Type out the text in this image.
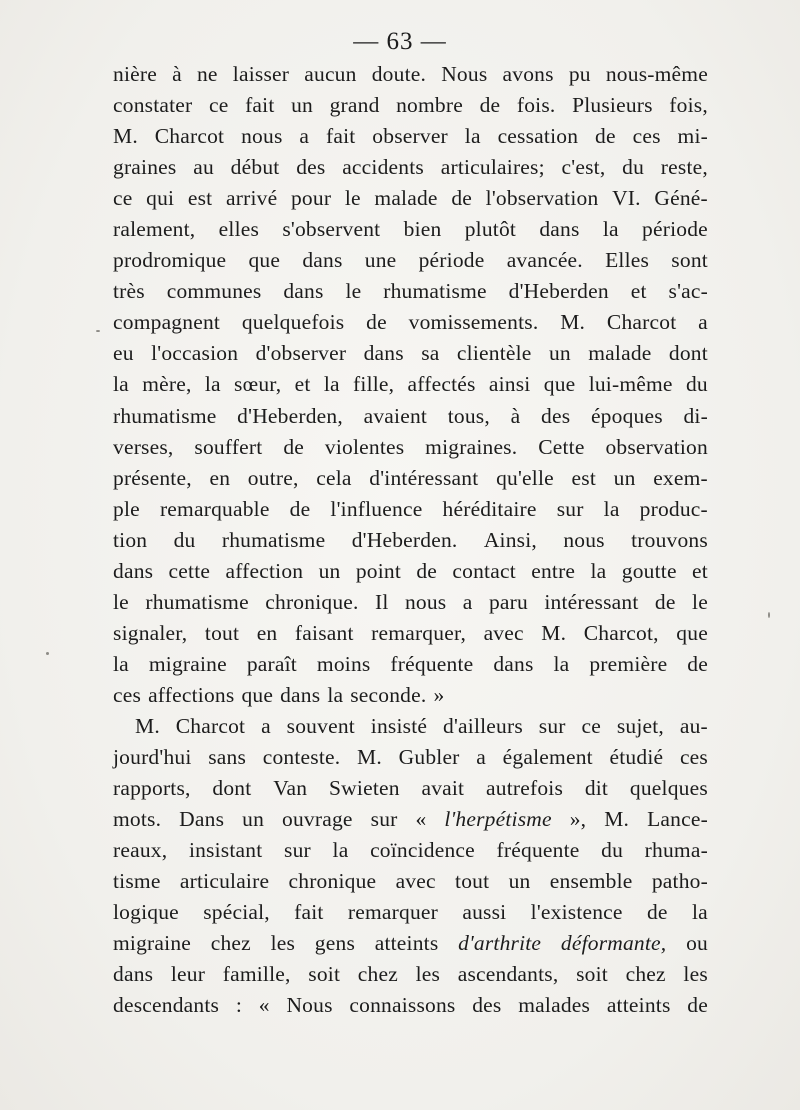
— 63 —
nière à ne laisser aucun doute. Nous avons pu nous-même
constater ce fait un grand nombre de fois. Plusieurs fois,
M. Charcot nous a fait observer la cessation de ces mi-
graines au début des accidents articulaires; c'est, du reste,
ce qui est arrivé pour le malade de l'observation VI. Géné-
ralement, elles s'observent bien plutôt dans la période
prodromique que dans une période avancée. Elles sont
très communes dans le rhumatisme d'Heberden et s'ac-
compagnent quelquefois de vomissements. M. Charcot a
eu l'occasion d'observer dans sa clientèle un malade dont
la mère, la sœur, et la fille, affectés ainsi que lui-même du
rhumatisme d'Heberden, avaient tous, à des époques di-
verses, souffert de violentes migraines. Cette observation
présente, en outre, cela d'intéressant qu'elle est un exem-
ple remarquable de l'influence héréditaire sur la produc-
tion du rhumatisme d'Heberden. Ainsi, nous trouvons
dans cette affection un point de contact entre la goutte et
le rhumatisme chronique. Il nous a paru intéressant de le
signaler, tout en faisant remarquer, avec M. Charcot, que
la migraine paraît moins fréquente dans la première de
ces affections que dans la seconde. »
M. Charcot a souvent insisté d'ailleurs sur ce sujet, au-
jourd'hui sans conteste. M. Gubler a également étudié ces
rapports, dont Van Swieten avait autrefois dit quelques
mots. Dans un ouvrage sur « l'herpétisme », M. Lance-
reaux, insistant sur la coïncidence fréquente du rhuma-
tisme articulaire chronique avec tout un ensemble patho-
logique spécial, fait remarquer aussi l'existence de la
migraine chez les gens atteints d'arthrite déformante, ou
dans leur famille, soit chez les ascendants, soit chez les
descendants : « Nous connaissons des malades atteints de
